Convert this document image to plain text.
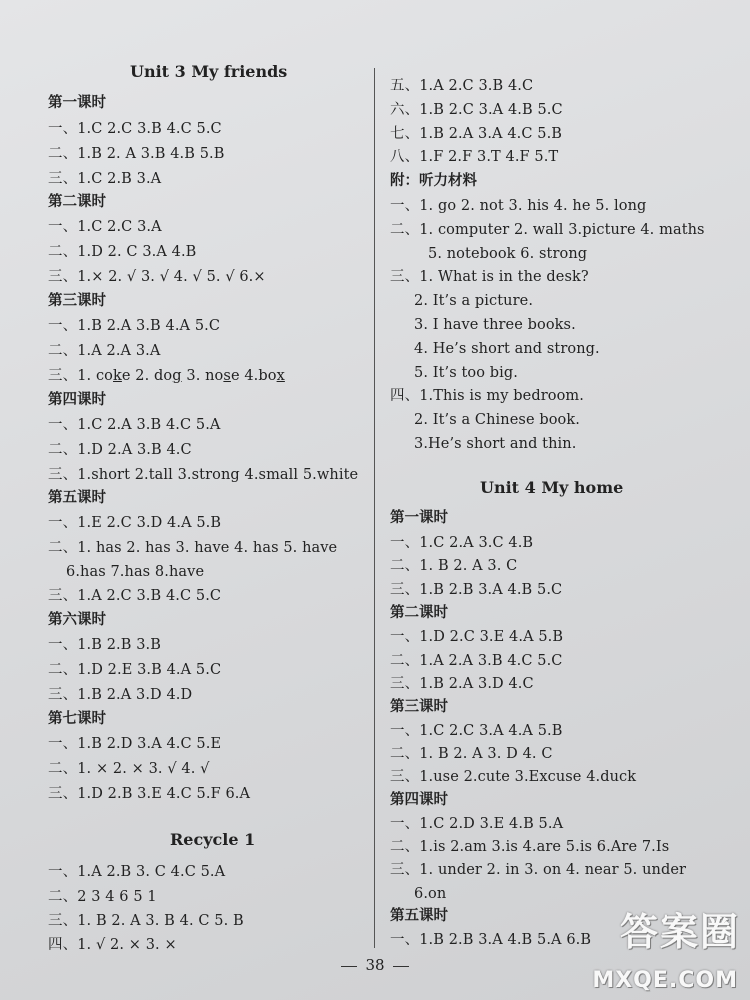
Unit 3 My friends
第一课时
一、1.C 2.C 3.B 4.C 5.C
二、1.B 2. A 3.B 4.B 5.B
三、1.C 2.B 3.A
第二课时
一、1.C 2.C 3.A
二、1.D 2. C 3.A 4.B
三、1.× 2. √ 3. √ 4. √ 5. √ 6.×
第三课时
一、1.B 2.A 3.B 4.A 5.C
二、1.A 2.A 3.A
三、1. coke 2. dog 3. nose 4.box
第四课时
一、1.C 2.A 3.B 4.C 5.A
二、1.D 2.A 3.B 4.C
三、1.short 2.tall 3.strong 4.small 5.white
第五课时
一、1.E 2.C 3.D 4.A 5.B
二、1. has 2. has 3. have 4. has 5. have
6.has 7.has 8.have
三、1.A 2.C 3.B 4.C 5.C
第六课时
一、1.B 2.B 3.B
二、1.D 2.E 3.B 4.A 5.C
三、1.B 2.A 3.D 4.D
第七课时
一、1.B 2.D 3.A 4.C 5.E
二、1. × 2. × 3. √ 4. √
三、1.D 2.B 3.E 4.C 5.F 6.A
Recycle 1
一、1.A 2.B 3. C 4.C 5.A
二、2 3 4 6 5 1
三、1. B 2. A 3. B 4. C 5. B
四、1. √ 2. × 3. ×
五、1.A 2.C 3.B 4.C
六、1.B 2.C 3.A 4.B 5.C
七、1.B 2.A 3.A 4.C 5.B
八、1.F 2.F 3.T 4.F 5.T
附：听力材料
一、1. go 2. not 3. his 4. he 5. long
二、1. computer 2. wall 3.picture 4. maths
5. notebook 6. strong
三、1. What is in the desk?
2. It’s a picture.
3. I have three books.
4. He’s short and strong.
5. It’s too big.
四、1.This is my bedroom.
2. It’s a Chinese book.
3.He’s short and thin.
Unit 4 My home
第一课时
一、1.C 2.A 3.C 4.B
二、1. B 2. A 3. C
三、1.B 2.B 3.A 4.B 5.C
第二课时
一、1.D 2.C 3.E 4.A 5.B
二、1.A 2.A 3.B 4.C 5.C
三、1.B 2.A 3.D 4.C
第三课时
一、1.C 2.C 3.A 4.A 5.B
二、1. B 2. A 3. D 4. C
三、1.use 2.cute 3.Excuse 4.duck
第四课时
一、1.C 2.D 3.E 4.B 5.A
二、1.is 2.am 3.is 4.are 5.is 6.Are 7.Is
三、1. under 2. in 3. on 4. near 5. under
6.on
第五课时
一、1.B 2.B 3.A 4.B 5.A 6.B
38
答案圈
MXQE.COM
